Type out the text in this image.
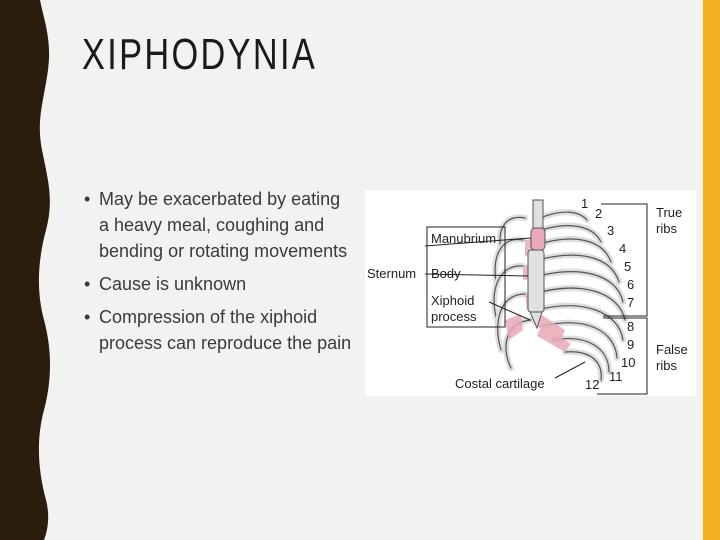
XIPHODYNIA
• May be exacerbated by eating a heavy meal, coughing and bending or rotating movements
• Cause is unknown
• Compression of the xiphoid process can reproduce the pain
Manubrium
Sternum Body
Xiphoid
process
Costal cartilage
True
ribs
False
ribs
1
2
3
4
5
6
7
8
9
10
11
12
